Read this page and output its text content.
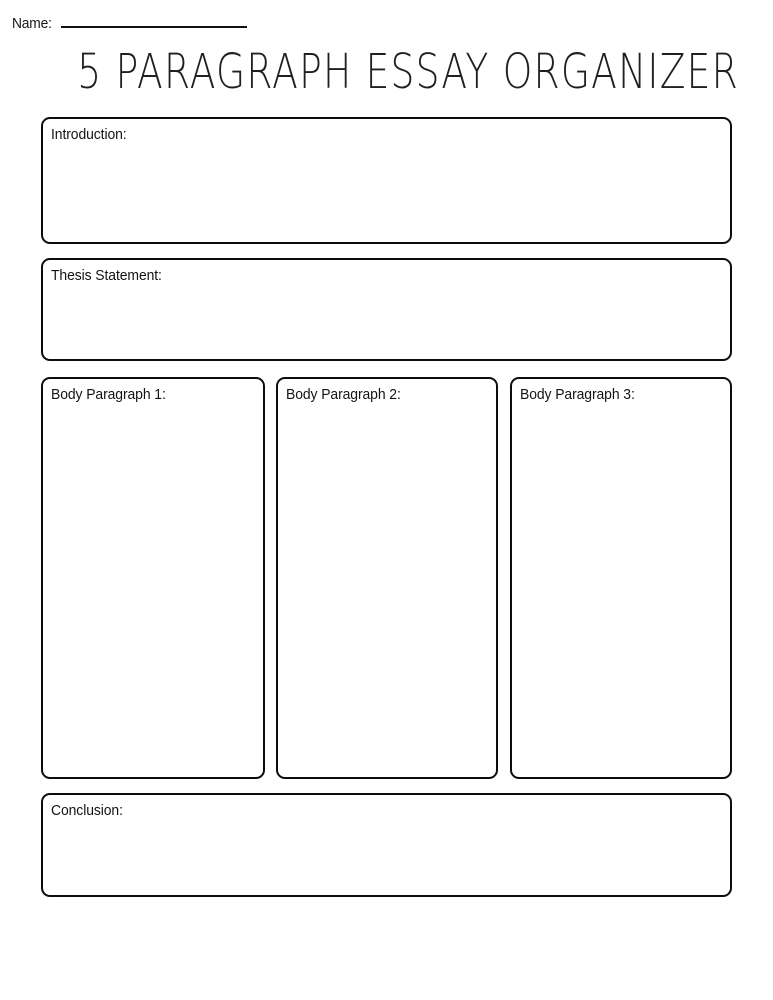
Name:
5 PARAGRAPH ESSAY ORGANIZER
Introduction:
Thesis Statement:
Body Paragraph 1:	Body Paragraph 2:	Body Paragraph 3:
Conclusion:
